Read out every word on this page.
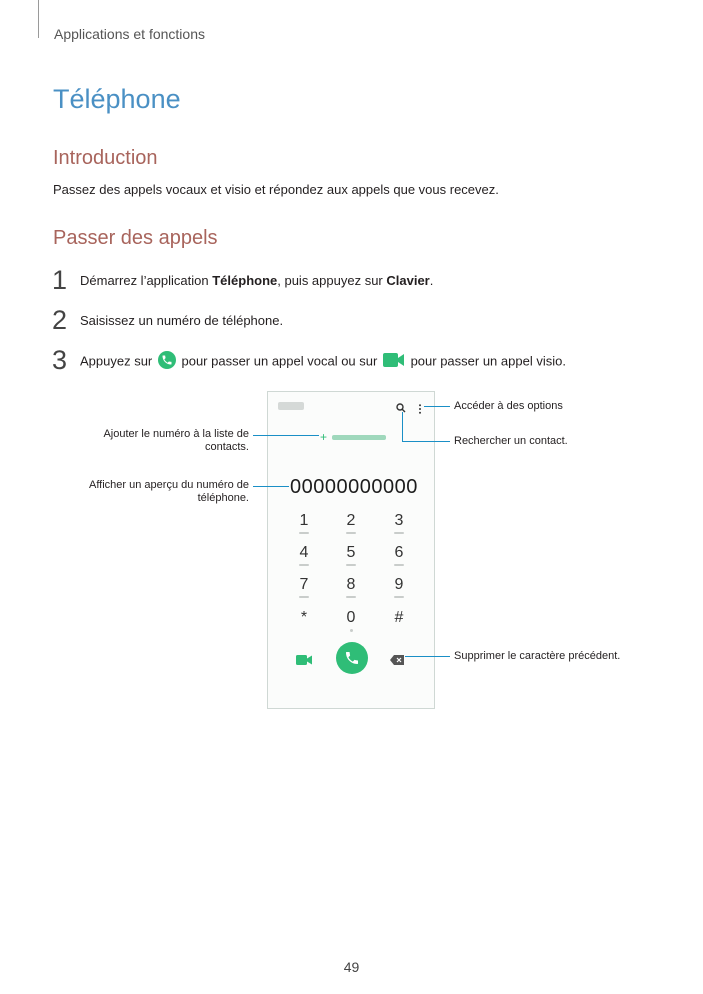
Applications et fonctions
Téléphone
Introduction
Passez des appels vocaux et visio et répondez aux appels que vous recevez.
Passer des appels
1 Démarrez l’application Téléphone, puis appuyez sur Clavier.
2 Saisissez un numéro de téléphone.
3 Appuyez sur
pour passer un appel vocal ou sur  pour passer un appel visio.
+
00000000000
1	2	3
4	5	6
7	8	9
*	0	#
Accéder à des options
Rechercher un contact.
Ajouter le numéro à la liste de contacts.
Afficher un aperçu du numéro de téléphone.
Supprimer le caractère précédent.
49
